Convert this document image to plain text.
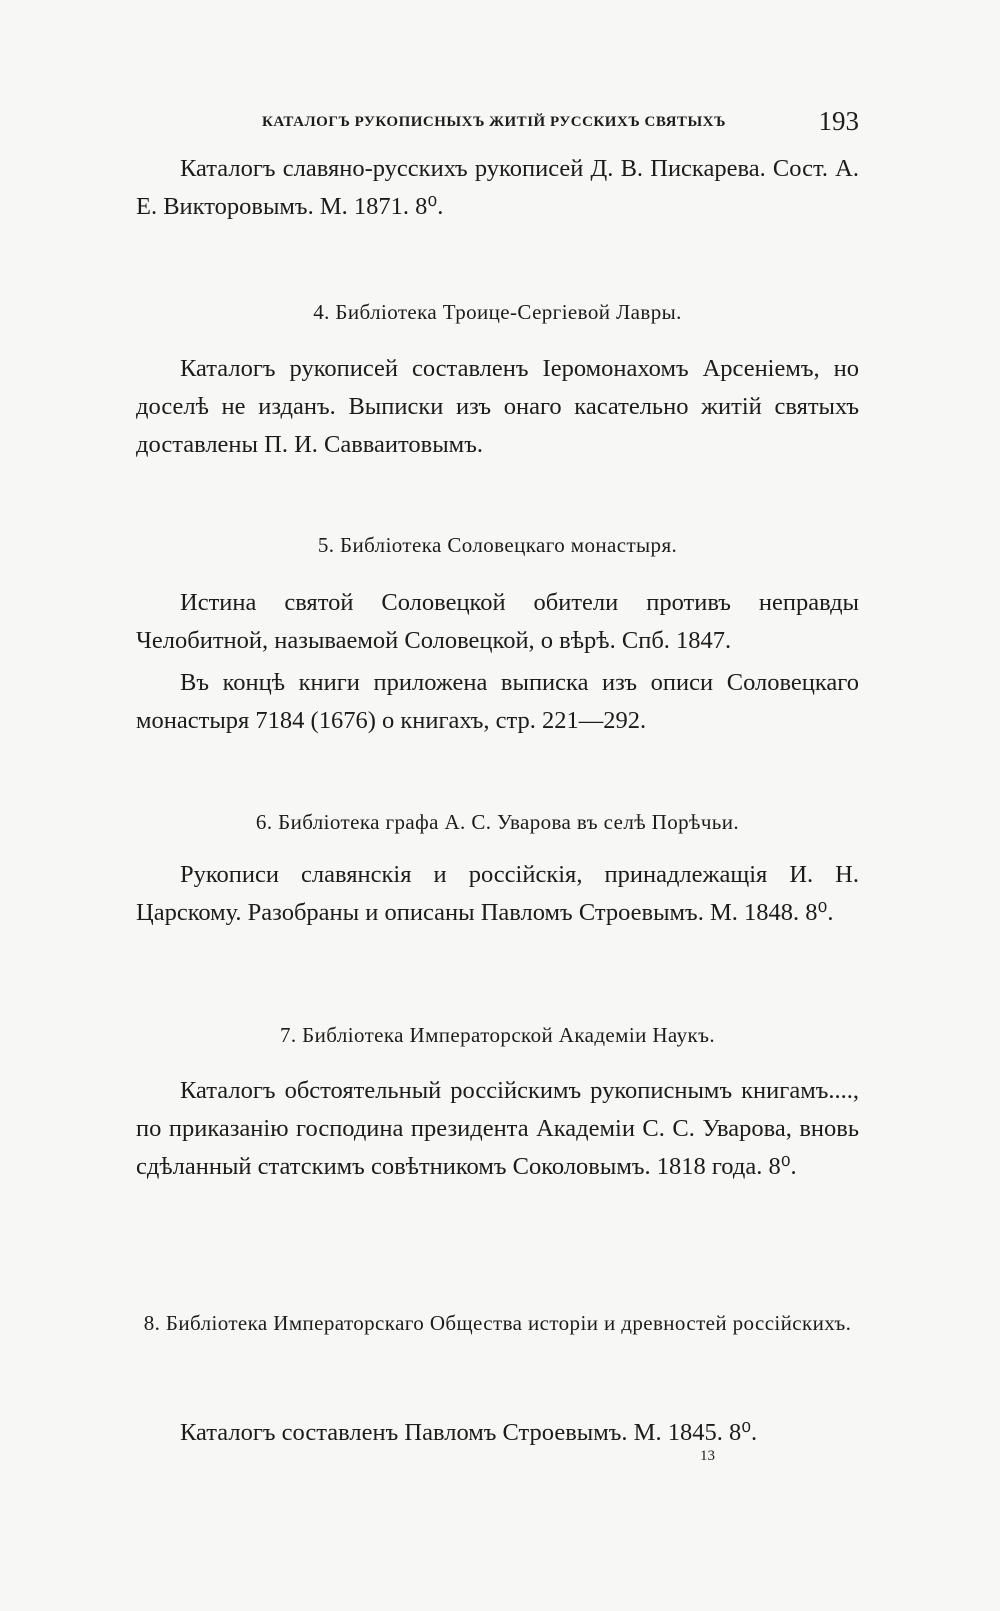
КАТАЛОГЪ РУКОПИСНЫХЪ ЖИТІЙ РУССКИХЪ СВЯТЫХЪ	193

Каталогъ славяно-русскихъ рукописей Д. В. Пискарева. Сост. А. Е. Викторовымъ. М. 1871. 8⁰.

4. Библіотека Троице-Сергіевой Лавры.

Каталогъ рукописей составленъ Іеромонахомъ Арсеніемъ, но доселѣ не изданъ. Выписки изъ онаго касательно житій святыхъ доставлены П. И. Савваитовымъ.

5. Библіотека Соловецкаго монастыря.

Истина святой Соловецкой обители противъ неправды Челобитной, называемой Соловецкой, о вѣрѣ. Спб. 1847.

Въ концѣ книги приложена выписка изъ описи Соловецкаго монастыря 7184 (1676) о книгахъ, стр. 221—292.

6. Библіотека графа А. С. Уварова въ селѣ Порѣчьи.

Рукописи славянскія и россійскія, принадлежащія И. Н. Царскому. Разобраны и описаны Павломъ Строевымъ. М. 1848. 8⁰.

7. Библіотека Императорской Академіи Наукъ.

Каталогъ обстоятельный россійскимъ рукописнымъ книгамъ...., по приказанію господина президента Академіи С. С. Уварова, вновь сдѣланный статскимъ совѣтникомъ Соколовымъ. 1818 года. 8⁰.

8. Библіотека Императорскаго Общества исторіи и древностей россійскихъ.

Каталогъ составленъ Павломъ Строевымъ. М. 1845. 8⁰.

13
